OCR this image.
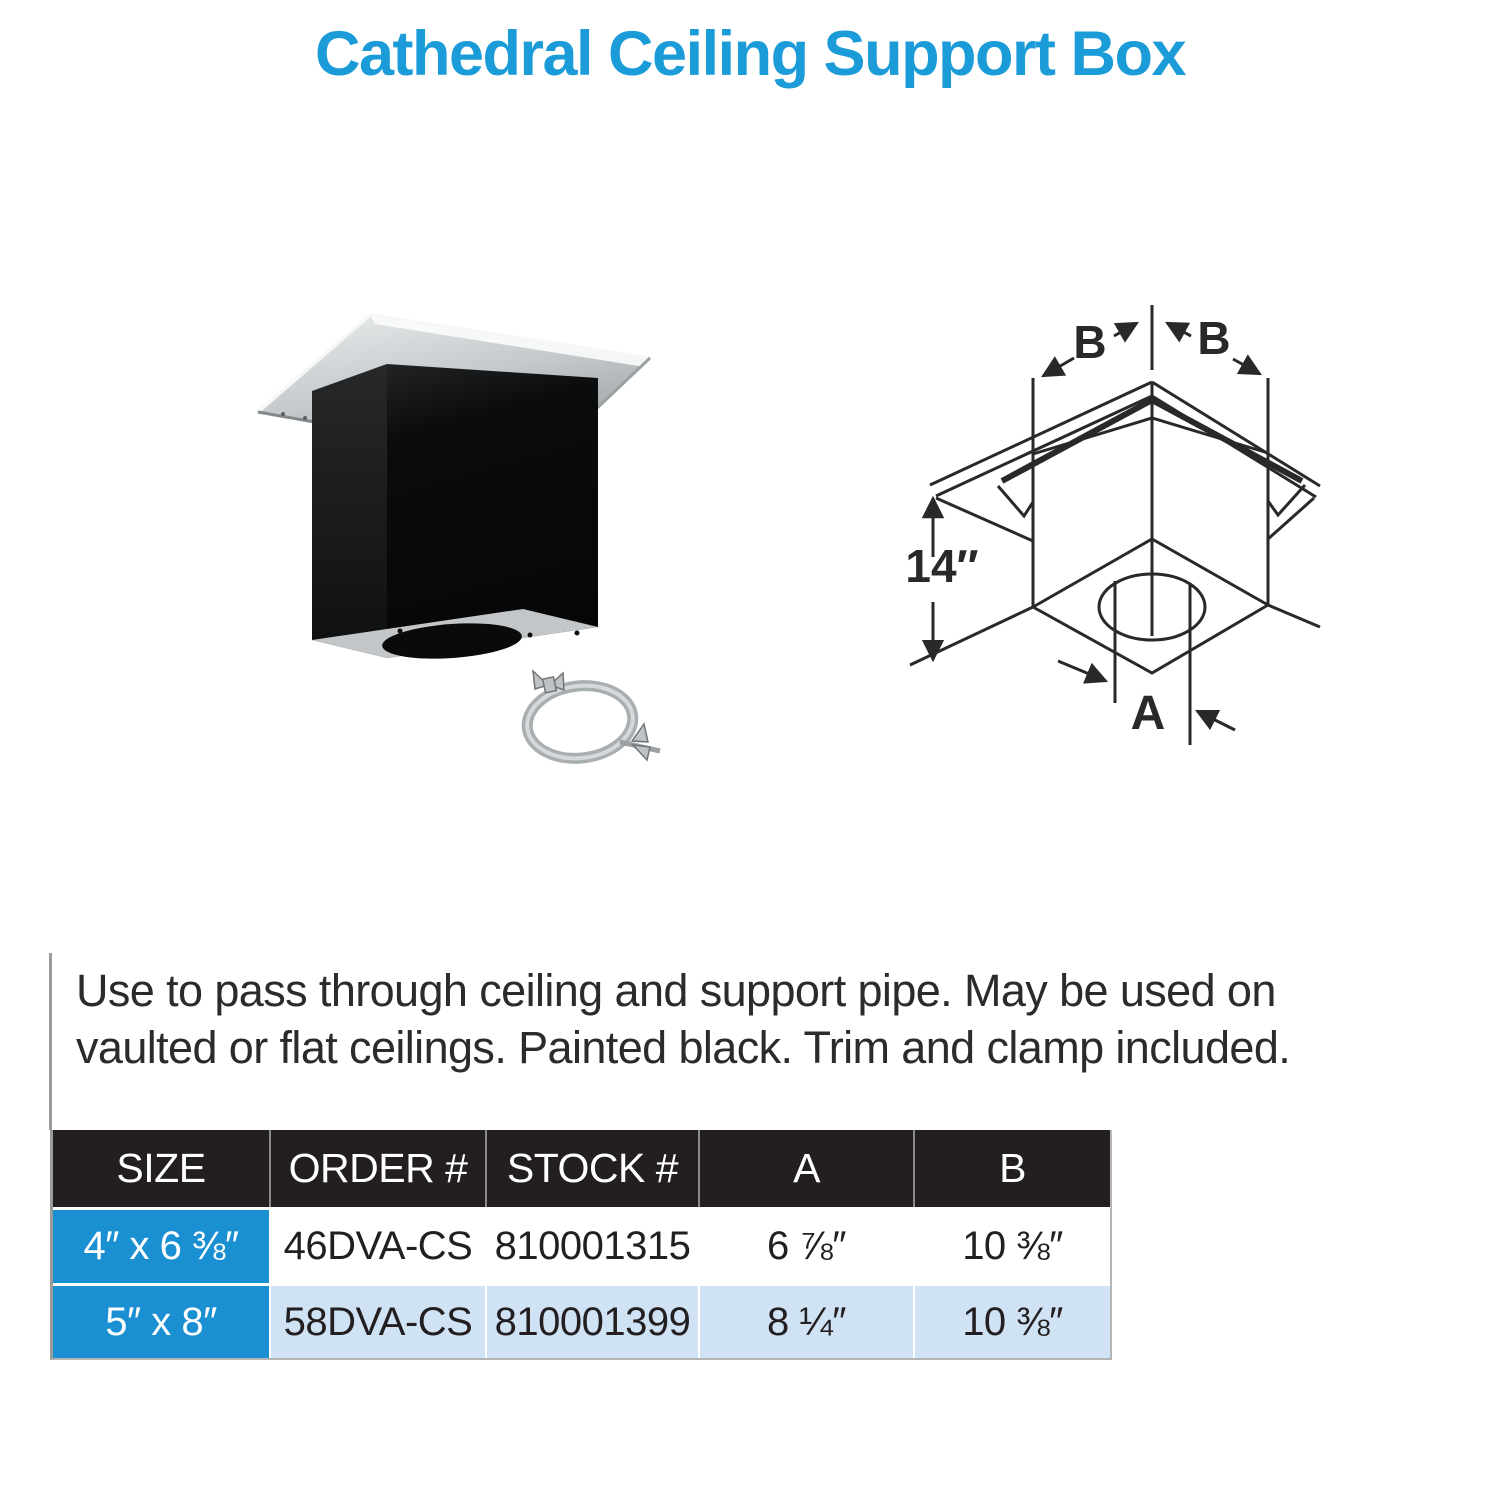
Cathedral Ceiling Support Box
B B
14″
A
Use to pass through ceiling and support pipe. May be used on
vaulted or flat ceilings. Painted black. Trim and clamp included.
SIZE	ORDER # STOCK #	A	B
4″ x 6 ⅜″	46DVA-CS 810001315	6 ⅞″	10 ⅜″
5″ x 8″	58DVA-CS 810001399	8 ¼″	10 ⅜″
